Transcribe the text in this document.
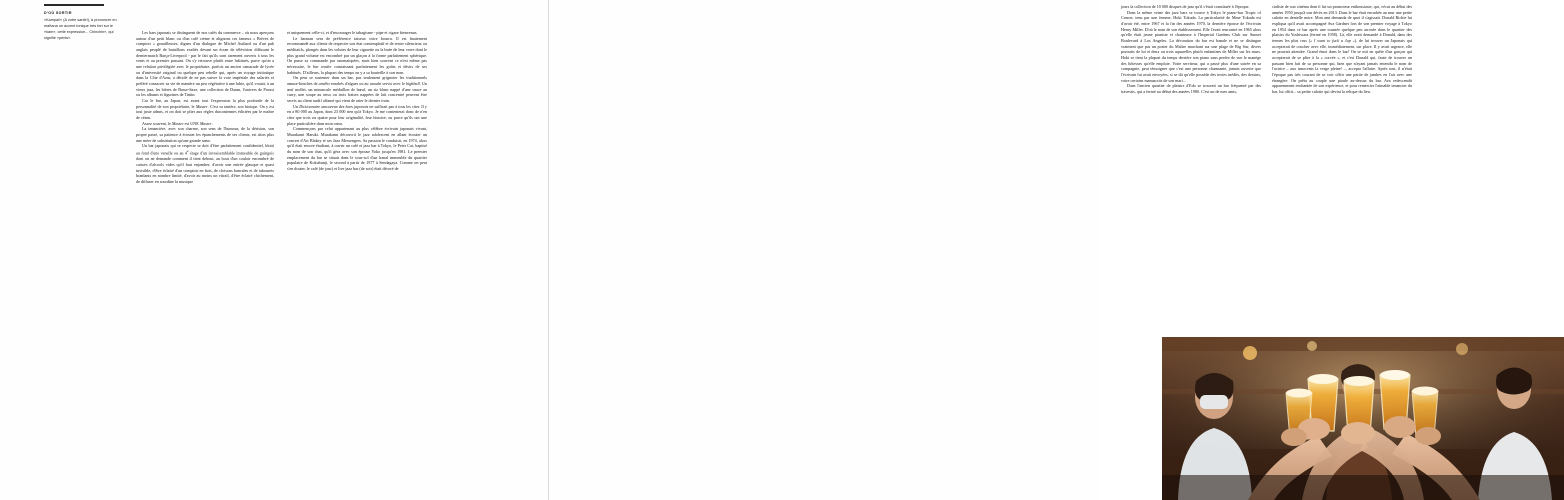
D'OÙ SORTIR
«Kampai!» (A votre santé!), à prononcer en mañana un accent tonique très fort sur le «kam», cette expression... Chinchin», qui signifie «pénis».

Les bars japonais se distinguent de nos cafés du commerce – où nous aperçons autour d'un petit blanc ou d'un café crème et alignons ces fameux « Brèves de comptoir » gouailleuses, dignes d'un dialogue de Michel Audiard ou d'un pub anglais peuplé de bataillons exaltés devant un écran de télévision diffusant le derniermatch Barça-Liverpool - par le fait qu'ils sont rarement ouverts à tous les vents et au premier passant. On s'y retrouve plutôt entre habitués, parce qu'on a une relation privilégiée avec le propriétaire, parfois un ancien camarade de lycée ou d'université original ou quelque peu rebelle qui, après un voyage initiatique dans la Côte d'Azur, a décidé de ne pas suivre la voie impériale des salariés et préféré consacrer sa vie de manière un peu végétative à une lubie, qu'il vouait, à un vieux jazz, les bières de Basse-Saxe, une collection de Daum, l'univers de Proust ou les albums et figurines de Tintin.

Car le bar, au Japon, est avant tout l'expression la plus profonde de la personnalité de son propriétaire, le Master. C'est sa tanière, son biotope. On y est tout juste admis, et on doit se plier aux règles draconiennes édictées par le maître de céans.

Assez souvent, le Master est UNE Master.

La tenancière, avec son charme, son sens de l'humour, de la dérision, son propre passé, sa patience à écouter les épanchements de ses clients, est alors plus une mère de substitution qu'une grande sœur.

Un bar japonais qui se respecte se doit d'être parfaitement confidentiel, blotti au fond d'une venelle ou au 4e étage d'un invraisemblable immeuble de guingois dont on ne demande comment il tient debout, au bout d'un couloir encombré de caisses d'alcools vides qu'il faut enjamber, d'avoir une entrée glauque et quasi invisible, d'être éclairé d'un comptoir en bois, de cloisons bancales et de tabourets branlants en nombre limité, d'avoir au moins un vitrail, d'être éclairé chichement, de diffuser en sourdine la musique

et uniquement celle-ci, et d'encourager le tabagisme - pipe et cigare bienvenus.

Le barman sera de préférence taiseux voire bourru. Il est hautement recommandé aux clients de respecter son état contemplatif et de rester silencieux ou méditatifs, plongés dans les volutes de leur cigarette ou la buée de leur verre dont le plus grand volume est encombré par un glaçon à la forme parfaitement sphérique. On passe sa commande par onomatopées, mais bien souvent ce n'est même pas nécessaire, le bar tender connaissant parfaitement les goûts et désirs de ses habitués. D'ailleurs, la plupart des temps on y a sa bouteille à son nom.

On peut se sustenter dans un bar, pas seulement grignoter les traditionnels amuse-bouches de umébo enrobés d'algues ou au wasabi servis avec le highball. Un œuf mollet, un minuscule médaillon de bœuf, un riz blanc nappé d'une sauce au curry, une soupe au miso ou trois fraises nappées de lait concentré peuvent être servis au client tardif affamé qui vient de rater le dernier train.

Un Dictionnaire amoureux des bars japonais ne suffirait pas à tous les citer. Il y en a 80 000 au Japon, dont 23 000 rien qu'à Tokyo. Je me contenterai donc de n'en citer que trois ou quatre pour leur originalité, leur histoire, ou parce qu'ils ont une place particulière dans mon cœur.

Commençons par celui appartenant au plus célèbre écrivain japonais vivant, Murakami Haruki. Murakami découvrit le jazz adolescent en allant écouter un concert d'Art Blakey et ses Jazz Messengers. Sa passion le conduisit, en 1974, alors qu'il était encore étudiant, à ouvrir un café et jazz bar à Tokyo, le Peter Cat, baptisé du nom de son chat, qu'il gèra avec son épouse Yoko jusqu'en 1981. Le premier emplacement du bar se situait dans le sous-sol d'un banal immeuble du quartier populaire de Kokubunji, le second à partir de 1977 à Sendagaya. Comme on peut s'en douter, le café (de jour) et live jazz bar (de soir) était décoré de

jours la collection de 10 000 disques de jazz qu'il s'était constituée à l'époque.

Dans la même veine des jazz bars se trouve à Tokyo le piano-bar Tropic of Cancer, tenu par une femme, Hoki Tokuda. La particularité de Mme Tokuda est d'avoir été, entre 1967 et la fin des années 1970, la dernière épouse de l'écrivain Henry Miller. D'où le nom de son établissement. Elle l'avait rencontré en 1965 alors qu'elle était jeune pianiste et chanteuse à l'Imperial Gardens Club sur Sunset Boulevard à Los Angeles. La décoration du bar est banale et ne se distingue vraiment que par un poster du Maître marchant sur une plage de Big Sur, divers portraits de lui et deux ou trois aquarelles plutôt enfantines de Miller sur les murs. Hoki se tient la plupart du temps derrière son piano sans perdre de vue le manège des hôtesses qu'elle emploie. Votre serviteur, qui a passé plus d'une soirée en sa compagnie, peut témoigner que c'est une personne charmante, jamais ouverte que l'écrivain lui avait envoyées, si se dit qu'elle posséde des textes inédits, des dessins, voire certains manuscrits de son mari...

Dans l'ancien quartier de plaisirs d'Edo se trouvait un bar fréquenté par des travestis, qui a fermé au début des années 1980. C'est un de mes amis,

cialiste de son cinéma dont il fut un promoteur enthousiaste, qui, vécut au début des années 1950 jusqu'à son décès en 2013. Dans le bar était encadrée au mur une petite culotte en dentelle noire. Mon ami demanda de quoi il s'agissait. Donald Richie lui expliqua qu'il avait accompagné Ava Gardner lors de son premier voyage à Tokyo en 1954 dans ce bar après une tournée quelque peu arrosée dans le quartier des plaisirs du Yoshiwara (fermé en 1958). Là, elle avait demandé à Donald, dans des termes les plus crus (« I want to fuck a Jap »), de lui trouver un Japonais qui accepterait de coucher avec elle, immédiatement, sur place. Il y avait urgence, elle ne pouvait attendre. Grand émoi dans le bar! On se mit en quête d'un garçon qui accepterait de se plier à la « corvée », et c'est Donald qui, faute de trouver un passant bien fait de sa personne qui, bien que n'ayant jamais entendu le nom de l'actrice – aux innocents la verge pleine! –, accepta l'affaire. Après tout, il n'était l'époque pas très courant de se voir offrir une partie de jambes en l'air avec une étrangère. On prêta au couple une piaule au-dessus du bar. Ava redescendit apparemment enchantée de son expérience, et pour remercier l'aimable tenancier du bar, lui offrit... sa petite culotte qui devint la relique du lieu.
